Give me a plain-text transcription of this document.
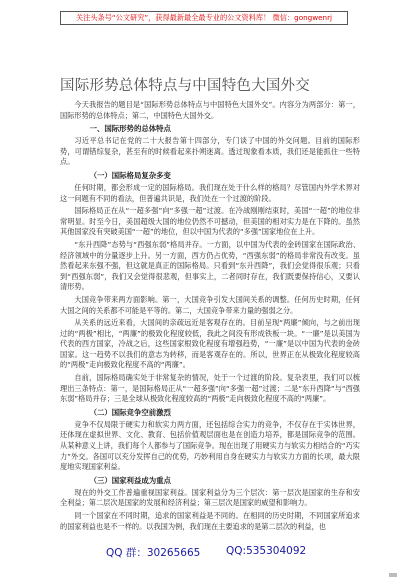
关注头条号“公文研究”，获得最新最全最专业的公文资料库！ 微信：gongwenrj
国际形势总体特点与中国特色大国外交

今天我报告的题目是“国际形势总体特点与中国特色大国外交”。内容分为两部分：第一，国际形势的总体特点；第二，中国特色大国外交。

一、国际形势的总体特点

习近平总书记在党的二十大报告第十四部分，专门谈了中国的外交问题。目前的国际形势，可谓错综复杂，甚至有的时候看起来扑朔迷离。透过现象看本质，我们还是能抓住一些特点。

（一）国际格局复杂多变

任何时期，都会形成一定的国际格局。我们现在处于什么样的格局？尽管国内外学术界对这一问题有不同的看法，但普遍共识是，我们处在一个过渡的阶段。

国际格局正在从“一超多强”向“多强一超”过渡。在冷战刚刚结束时，美国“一超”的地位非常明显。时至今日，美国超级大国的地位仍然不可撼动，但美国的相对实力是在下降的。虽然其他国家没有突破美国“一超”的地位，但以中国为代表的“多强”国家地位在上升。

“东升西降”态势与“西强东弱”格局并存。一方面，以中国为代表的金砖国家在国际政治、经济领域中的分量逐步上升。另一方面，西方仍占优势，“西强东弱”的格局非常没有改变。虽然看起来东强不强，但这就是真正的国际格局。只看到“东升西降”，我们会觉得很乐观；只看到“西强东弱”，我们又会觉得很悲观，但事实上，二者同时存在，我们既要保持信心，又要认清形势。

大国竞争带来两方面影响。第一，大国竞争引发大国间关系的调整。任何历史时期，任何大国之间的关系都不可能是平等的。第二，大国竞争带来力量的强弱之分。

从关系的远近来看，大国间的亲疏远近是客观存在的。目前呈现“两廉”倾向，与之前出现过的“两极”相比，“两廉”的极致化程度较低，我此之间没有形成铁板一块。“一廉”是以美国为代表的西方国家，冷战之后，这些国家根致化程度有增强趋势，“一廉”是以中国为代表的金砖国家。这一趋势不以我们的意志为转移，而是客观存在的。所以，世界正在从极致化程度较高的“两极”走向极致化程度不高的“两廉”。

自前，国际格局确实处于非常复杂的情况，处于一个过渡的阶段。复杂表里，我们可以梳理出三条特点：第一，是国际格局正从“一超多强”向“多强一超”过渡；二是“东升西降”与“西强东弱”格局并存；三是全球从极致化程度较高的“两极”走向极致化程度不高的“两廉”。

（二）国际竞争空前激烈

竞争不仅局限于硬实力和软实力两方面，还包括综合实力的竞争，不仅存在于实体世界，还体现在虚拟世界、文化、教育、包括价值观层面也是在创造力培养，都是国际竞争的范围。从某种意义上讲，我们每个人都参与了国际竞争。现在出现了用硬实力与软实力相结合的“巧实力”外交。各国可以充分发挥自己的优势，巧妙利用自身在硬实力与软实力方面的长项，最大限度地实现国家利益。

（三）国家利益成为重点

现在的外交工作普遍重视国家利益。国家利益分为三个层次：第一层次是国家的生存和安全利益；第二层次是国家的发展和经济利益；第三层次是国家的威望和影响力。

同一个国家在不同时期，追求的国家利益是不同的。在相同的历史时期，不同国家所追求的国家利益也是不一样的。以我国为例，我们现在主要追求的是第二层次的利益，也

QQ 群：30265665 QQ:535304092
